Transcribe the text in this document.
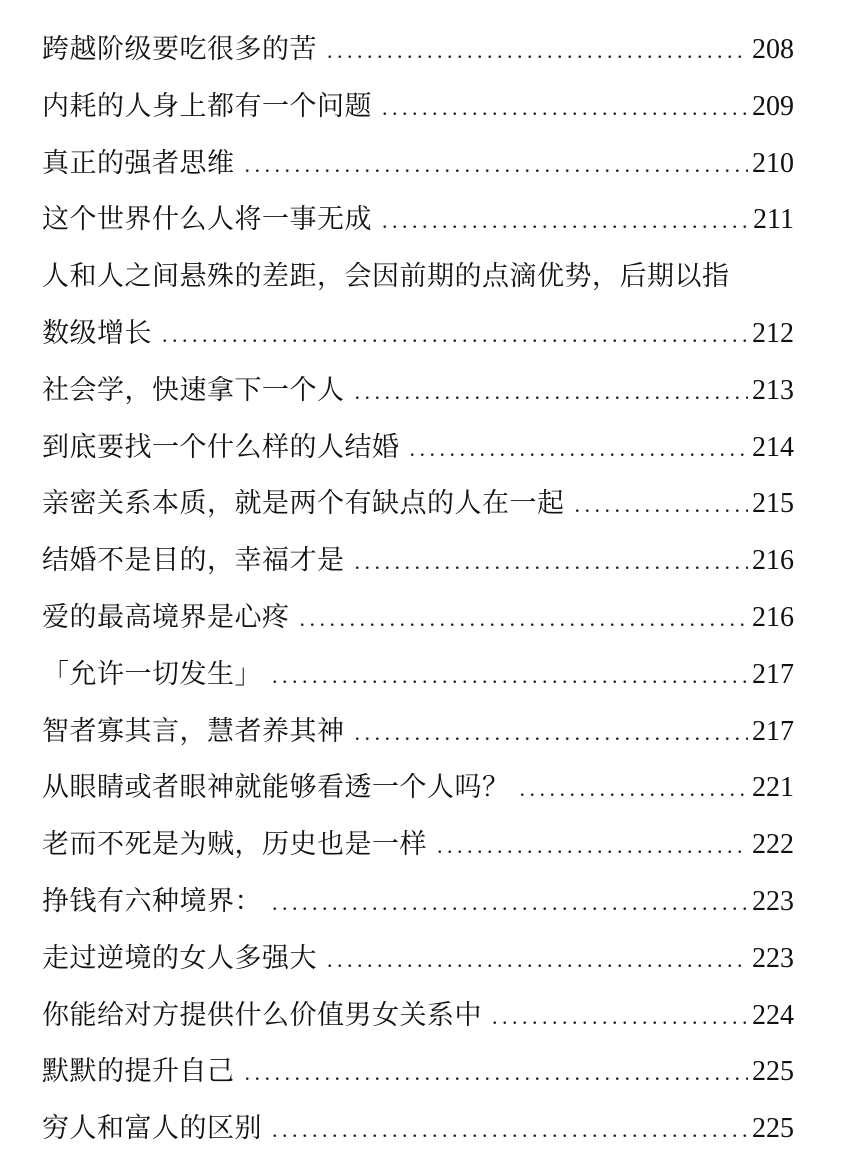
跨越阶级要吃很多的苦 . . .	208
内耗的人身上都有一个问题 . . .	209
真正的强者思维 . . .	210
这个世界什么人将一事无成 . . .	211
人和人之间悬殊的差距，会因前期的点滴优势，后期以指
数级增长 . . .	212
社会学，快速拿下一个人 . . .	213
到底要找一个什么样的人结婚 . . .	214
亲密关系本质，就是两个有缺点的人在一起 . . .	215
结婚不是目的，幸福才是 . . .	216
爱的最高境界是心疼 . . .	216
「允许一切发生」 . . .	217
智者寡其言，慧者养其神 . . .	217
从眼睛或者眼神就能够看透一个人吗？ . . .	221
老而不死是为贼，历史也是一样 . . .	222
挣钱有六种境界： . . .	223
走过逆境的女人多强大 . . .	223
你能给对方提供什么价值男女关系中 . . .	224
默默的提升自己 . . .	225
穷人和富人的区别 . . .	225
